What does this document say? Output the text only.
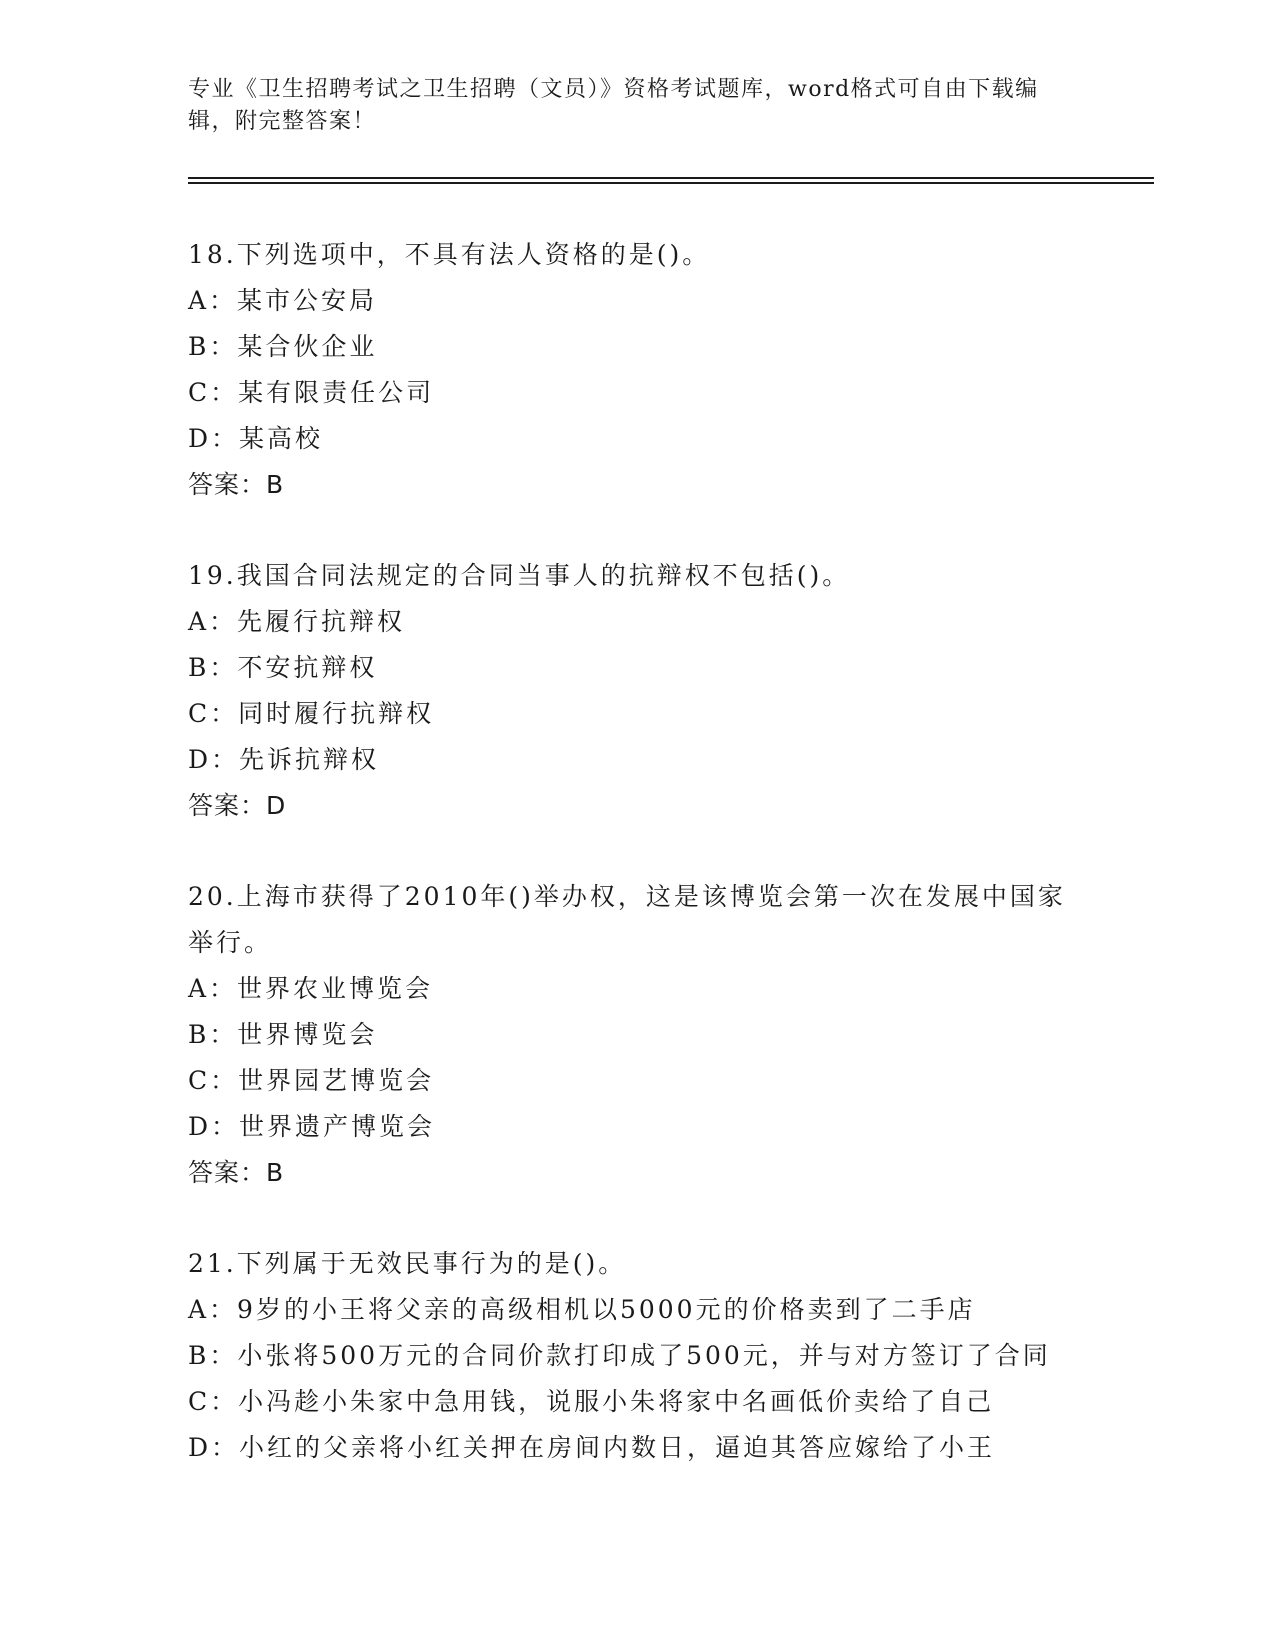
专业《卫生招聘考试之卫生招聘（文员）》资格考试题库，word格式可自由下载编辑，附完整答案！
18.下列选项中，不具有法人资格的是()。
A：某市公安局
B：某合伙企业
C：某有限责任公司
D：某高校
答案：B
19.我国合同法规定的合同当事人的抗辩权不包括()。
A：先履行抗辩权
B：不安抗辩权
C：同时履行抗辩权
D：先诉抗辩权
答案：D
20.上海市获得了2010年()举办权，这是该博览会第一次在发展中国家举行。
A：世界农业博览会
B：世界博览会
C：世界园艺博览会
D：世界遗产博览会
答案：B
21.下列属于无效民事行为的是()。
A：9岁的小王将父亲的高级相机以5000元的价格卖到了二手店
B：小张将500万元的合同价款打印成了500元，并与对方签订了合同
C：小冯趁小朱家中急用钱，说服小朱将家中名画低价卖给了自己
D：小红的父亲将小红关押在房间内数日，逼迫其答应嫁给了小王
